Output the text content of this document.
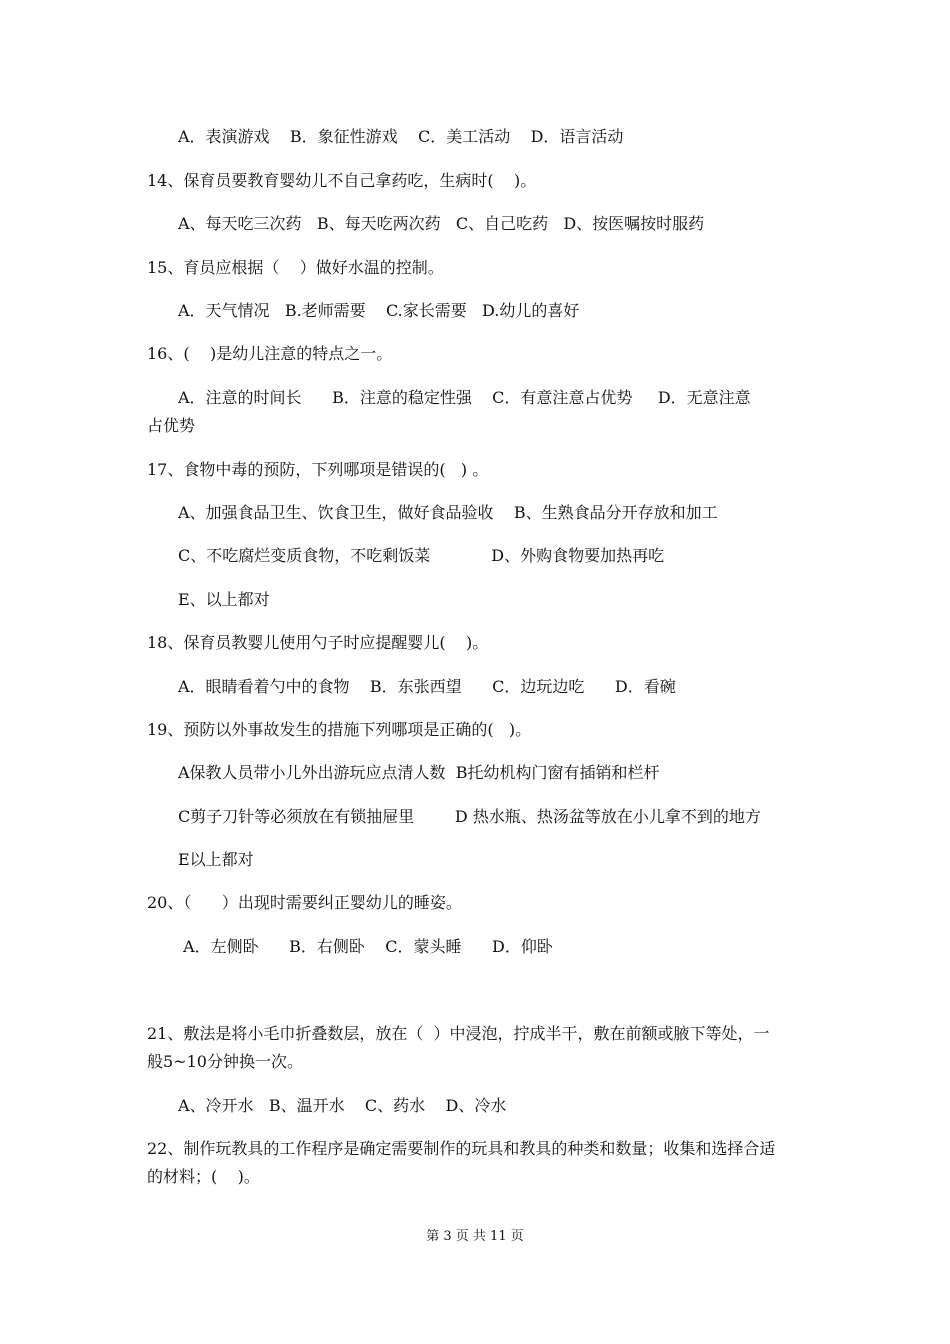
A．表演游戏    B．象征性游戏    C．美工活动    D．语言活动
14、保育员要教育婴幼儿不自己拿药吃，生病时(    )。
A、每天吃三次药   B、每天吃两次药   C、自己吃药   D、按医嘱按时服药
15、育员应根据（    ）做好水温的控制。
A．天气情况   B.老师需要    C.家长需要   D.幼儿的喜好
16、(    )是幼儿注意的特点之一。
A．注意的时间长      B．注意的稳定性强    C．有意注意占优势     D．无意注意
占优势
17、食物中毒的预防，下列哪项是错误的(   ) 。
A、加强食品卫生、饮食卫生，做好食品验收    B、生熟食品分开存放和加工
C、不吃腐烂变质食物，不吃剩饭菜            D、外购食物要加热再吃
E、以上都对
18、保育员教婴儿使用勺子时应提醒婴儿(    )。
A．眼睛看着勺中的食物    B．东张西望      C．边玩边吃      D．看碗
19、预防以外事故发生的措施下列哪项是正确的(   )。
A保教人员带小儿外出游玩应点清人数  B托幼机构门窗有插销和栏杆
C剪子刀针等必须放在有锁抽屉里        D 热水瓶、热汤盆等放在小儿拿不到的地方
E以上都对
20、（      ）出现时需要纠正婴幼儿的睡姿。
A．左侧卧      B．右侧卧    C．蒙头睡      D．仰卧
21、敷法是将小毛巾折叠数层，放在（  ）中浸泡，拧成半干，敷在前额或腋下等处，一
般5~10分钟换一次。
A、冷开水   B、温开水    C、药水    D、冷水
22、制作玩教具的工作程序是确定需要制作的玩具和教具的种类和数量；收集和选择合适
的材料；(    )。
第 3 页 共 11 页
